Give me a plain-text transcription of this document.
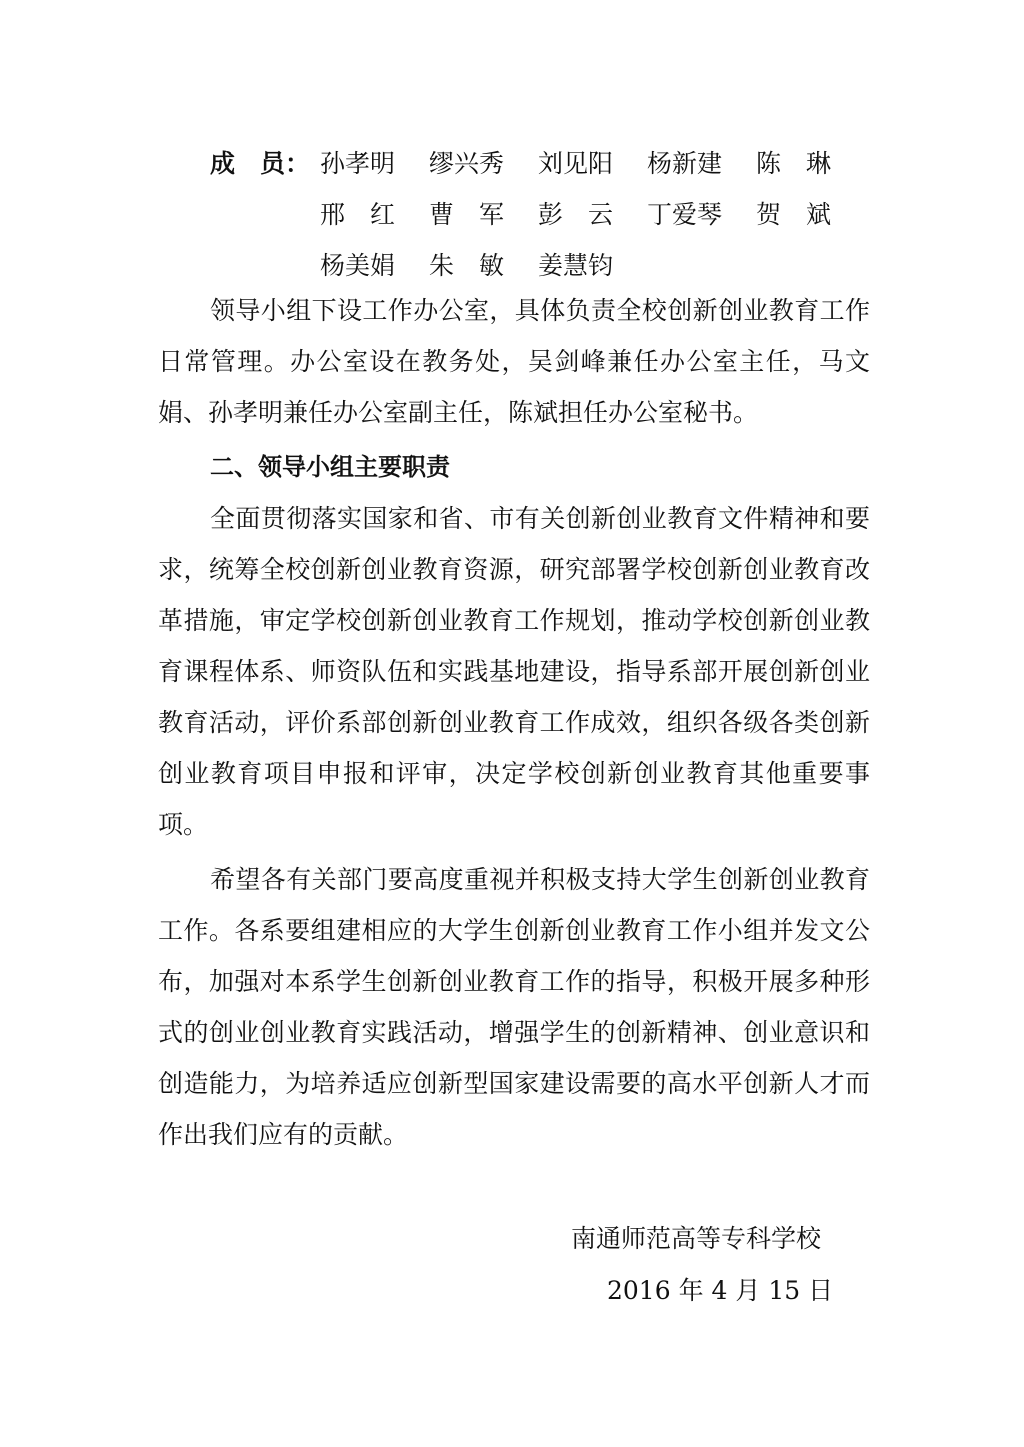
成　员： 孙孝明	缪兴秀	刘见阳	杨新建	陈　琳
邢　红	曹　军	彭　云	丁爱琴	贺　斌
杨美娟	朱　敏	姜慧钧

领导小组下设工作办公室，具体负责全校创新创业教育工作日常管理。办公室设在教务处，吴剑峰兼任办公室主任，马文娟、孙孝明兼任办公室副主任，陈斌担任办公室秘书。

二、领导小组主要职责

全面贯彻落实国家和省、市有关创新创业教育文件精神和要求，统筹全校创新创业教育资源，研究部署学校创新创业教育改革措施，审定学校创新创业教育工作规划，推动学校创新创业教育课程体系、师资队伍和实践基地建设，指导系部开展创新创业教育活动，评价系部创新创业教育工作成效，组织各级各类创新创业教育项目申报和评审，决定学校创新创业教育其他重要事项。

希望各有关部门要高度重视并积极支持大学生创新创业教育工作。各系要组建相应的大学生创新创业教育工作小组并发文公布，加强对本系学生创新创业教育工作的指导，积极开展多种形式的创业创业教育实践活动，增强学生的创新精神、创业意识和创造能力，为培养适应创新型国家建设需要的高水平创新人才而作出我们应有的贡献。

南通师范高等专科学校
2016 年 4 月 15 日
